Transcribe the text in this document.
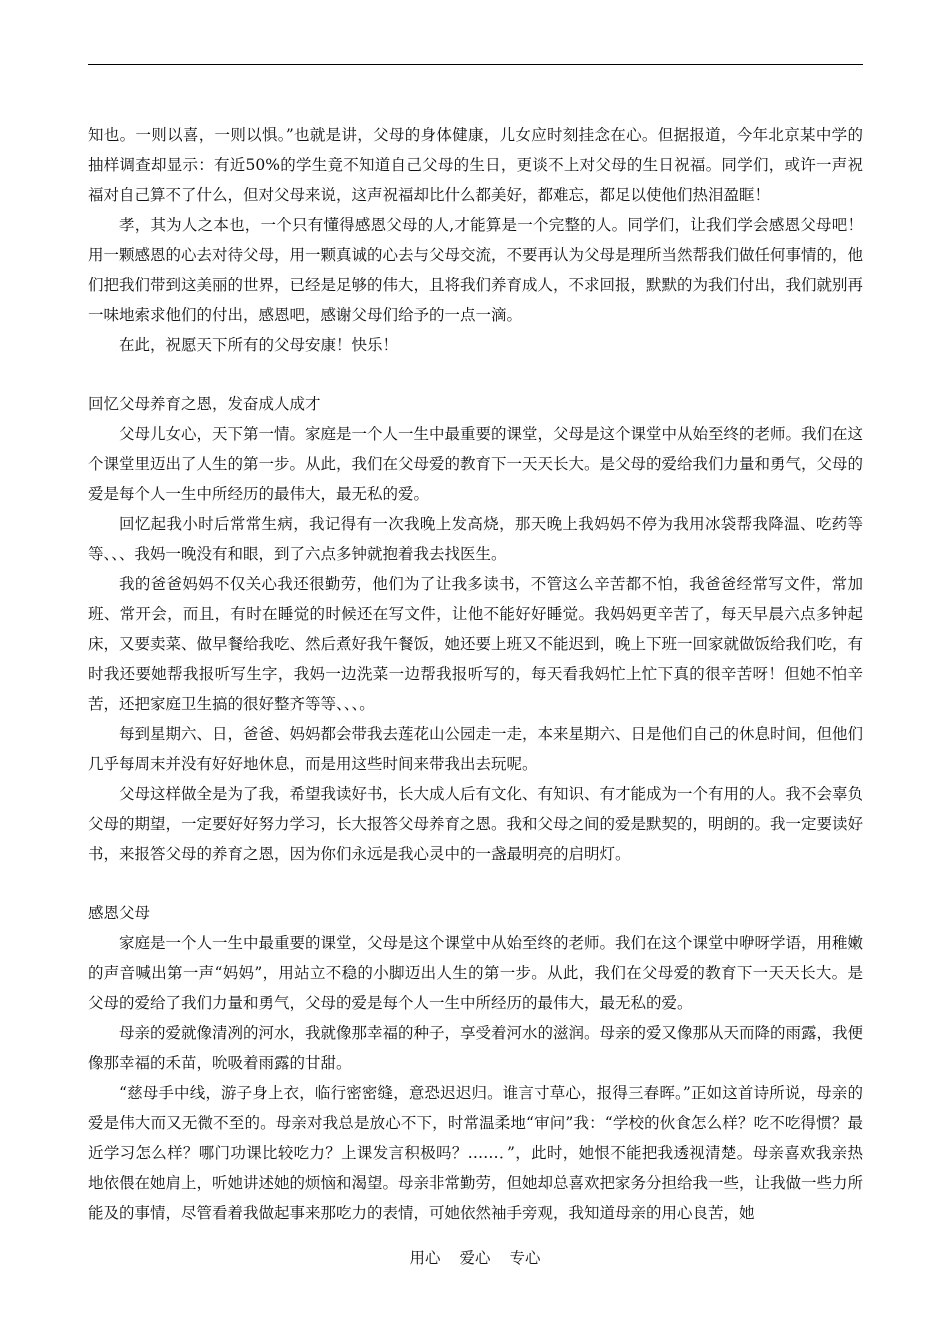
知也。一则以喜，一则以惧。”也就是讲，父母的身体健康，儿女应时刻挂念在心。但据报道，今年北京某中学的抽样调查却显示：有近50%的学生竟不知道自己父母的生日，更谈不上对父母的生日祝福。同学们，或许一声祝福对自己算不了什么，但对父母来说，这声祝福却比什么都美好，都难忘，都足以使他们热泪盈眶！

孝，其为人之本也，一个只有懂得感恩父母的人,才能算是一个完整的人。同学们，让我们学会感恩父母吧！用一颗感恩的心去对待父母，用一颗真诚的心去与父母交流，不要再认为父母是理所当然帮我们做任何事情的，他们把我们带到这美丽的世界，已经是足够的伟大，且将我们养育成人，不求回报，默默的为我们付出，我们就别再一味地索求他们的付出，感恩吧，感谢父母们给予的一点一滴。

在此，祝愿天下所有的父母安康！快乐！

回忆父母养育之恩，发奋成人成才

父母儿女心，天下第一情。家庭是一个人一生中最重要的课堂，父母是这个课堂中从始至终的老师。我们在这个课堂里迈出了人生的第一步。从此，我们在父母爱的教育下一天天长大。是父母的爱给我们力量和勇气，父母的爱是每个人一生中所经历的最伟大，最无私的爱。

回忆起我小时后常常生病，我记得有一次我晚上发高烧，那天晚上我妈妈不停为我用冰袋帮我降温、吃药等等、、、我妈一晚没有和眼，到了六点多钟就抱着我去找医生。

我的爸爸妈妈不仅关心我还很勤劳，他们为了让我多读书，不管这么辛苦都不怕，我爸爸经常写文件，常加班、常开会，而且，有时在睡觉的时候还在写文件，让他不能好好睡觉。我妈妈更辛苦了，每天早晨六点多钟起床，又要卖菜、做早餐给我吃、然后煮好我午餐饭，她还要上班又不能迟到，晚上下班一回家就做饭给我们吃，有时我还要她帮我报听写生字，我妈一边洗菜一边帮我报听写的，每天看我妈忙上忙下真的很辛苦呀！但她不怕辛苦，还把家庭卫生搞的很好整齐等等、、、。

每到星期六、日，爸爸、妈妈都会带我去莲花山公园走一走，本来星期六、日是他们自己的休息时间，但他们几乎每周末并没有好好地休息，而是用这些时间来带我出去玩呢。

父母这样做全是为了我，希望我读好书，长大成人后有文化、有知识、有才能成为一个有用的人。我不会辜负父母的期望，一定要好好努力学习，长大报答父母养育之恩。我和父母之间的爱是默契的，明朗的。我一定要读好书，来报答父母的养育之恩，因为你们永远是我心灵中的一盏最明亮的启明灯。

感恩父母

家庭是一个人一生中最重要的课堂，父母是这个课堂中从始至终的老师。我们在这个课堂中咿呀学语，用稚嫩的声音喊出第一声“妈妈”，用站立不稳的小脚迈出人生的第一步。从此，我们在父母爱的教育下一天天长大。是父母的爱给了我们力量和勇气，父母的爱是每个人一生中所经历的最伟大，最无私的爱。

母亲的爱就像清冽的河水，我就像那幸福的种子，享受着河水的滋润。母亲的爱又像那从天而降的雨露，我便像那幸福的禾苗，吮吸着雨露的甘甜。

“慈母手中线，游子身上衣，临行密密缝，意恐迟迟归。谁言寸草心，报得三春晖。”正如这首诗所说，母亲的爱是伟大而又无微不至的。母亲对我总是放心不下，时常温柔地“审问”我：“学校的伙食怎么样？吃不吃得惯？最近学习怎么样？哪门功课比较吃力？上课发言积极吗？……．”，此时，她恨不能把我透视清楚。母亲喜欢我亲热地依偎在她肩上，听她讲述她的烦恼和渴望。母亲非常勤劳，但她却总喜欢把家务分担给我一些，让我做一些力所能及的事情，尽管看着我做起事来那吃力的表情，可她依然袖手旁观，我知道母亲的用心良苦，她

用心 爱心 专心
